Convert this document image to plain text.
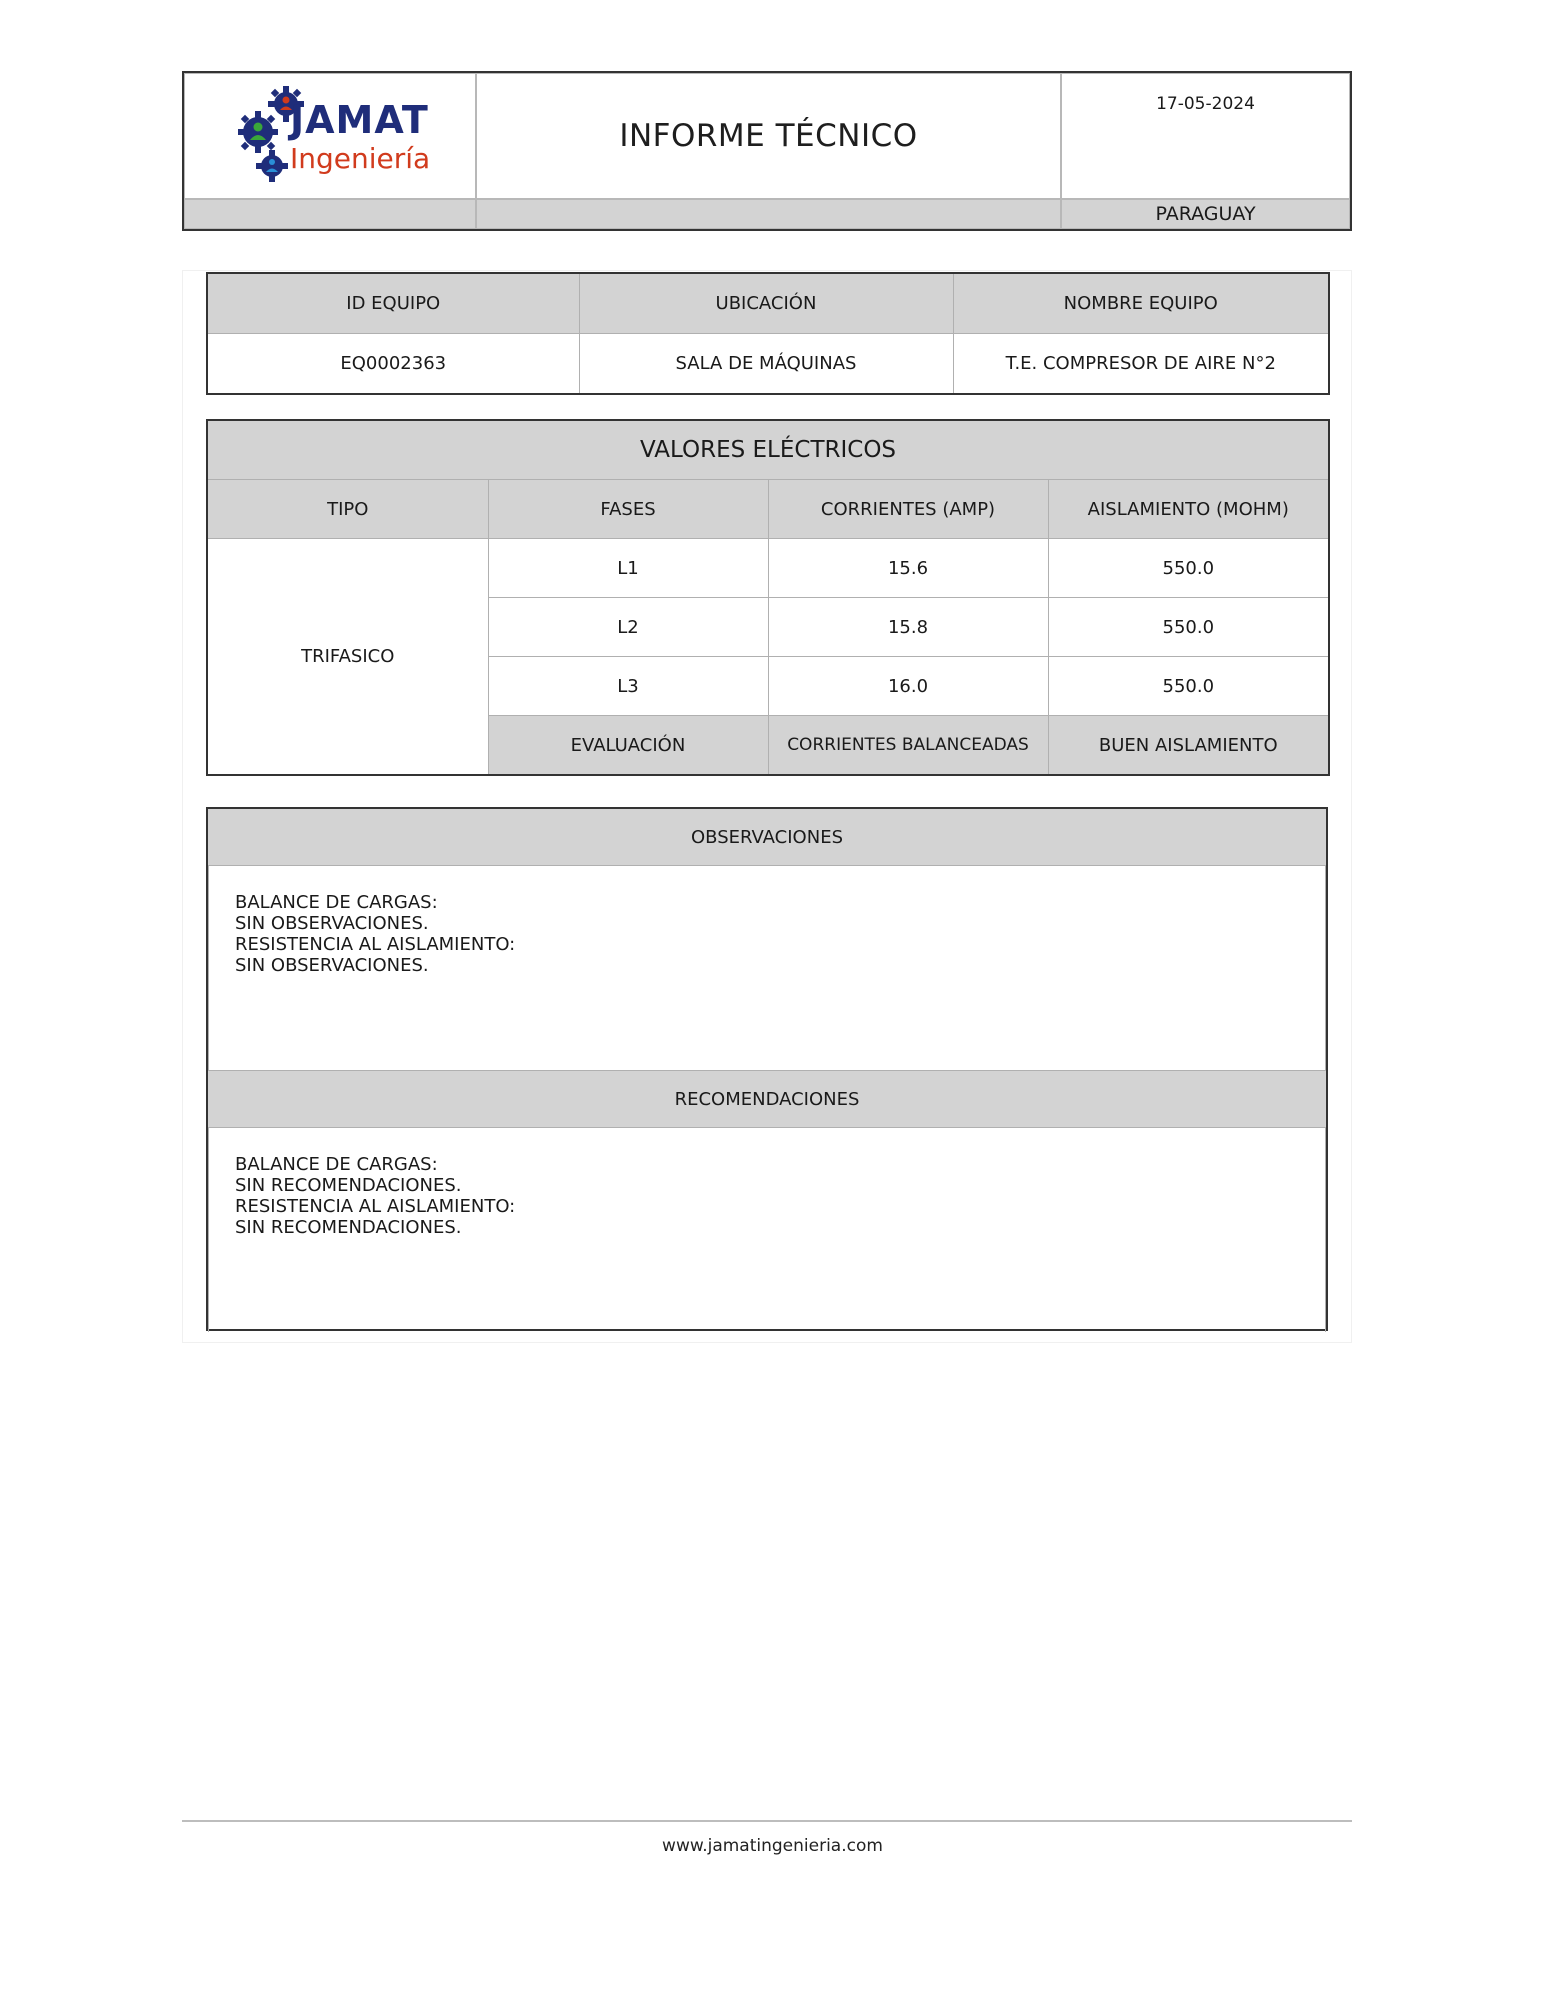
JAMAT
Ingeniería
INFORME TÉCNICO
17-05-2024
PARAGUAY
ID EQUIPO	UBICACIÓN	NOMBRE EQUIPO
EQ0002363	SALA DE MÁQUINAS	T.E. COMPRESOR DE AIRE N°2
VALORES ELÉCTRICOS			
TIPO	FASES	CORRIENTES (AMP)	AISLAMIENTO (MOHM)
TRIFASICO	L1	15.6	550.0
	L2	15.8	550.0
	L3	16.0	550.0
	EVALUACIÓN	CORRIENTES BALANCEADAS	BUEN AISLAMIENTO
OBSERVACIONES
BALANCE DE CARGAS:
SIN OBSERVACIONES.
RESISTENCIA AL AISLAMIENTO:
SIN OBSERVACIONES.
RECOMENDACIONES
BALANCE DE CARGAS:
SIN RECOMENDACIONES.
RESISTENCIA AL AISLAMIENTO:
SIN RECOMENDACIONES.
www.jamatingenieria.com
